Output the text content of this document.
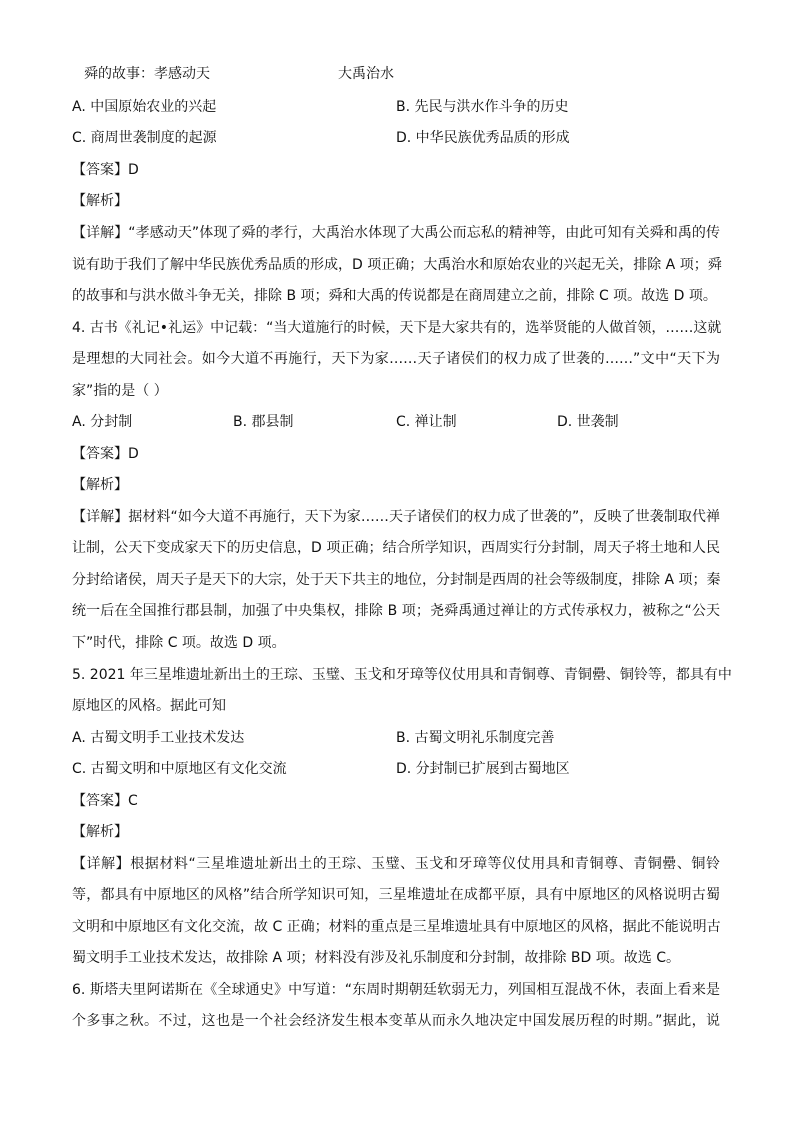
舜的故事：孝感动天	大禹治水
A. 中国原始农业的兴起	B. 先民与洪水作斗争的历史
C. 商周世袭制度的起源	D. 中华民族优秀品质的形成
【答案】D
【解析】
【详解】“孝感动天”体现了舜的孝行，大禹治水体现了大禹公而忘私的精神等，由此可知有关舜和禹的传
说有助于我们了解中华民族优秀品质的形成，D 项正确；大禹治水和原始农业的兴起无关，排除 A 项；舜
的故事和与洪水做斗争无关，排除 B 项；舜和大禹的传说都是在商周建立之前，排除 C 项。故选 D 项。
4. 古书《礼记•礼运》中记载：“当大道施行的时候，天下是大家共有的，选举贤能的人做首领，……这就
是理想的大同社会。如今大道不再施行，天下为家……天子诸侯们的权力成了世袭的……”文中“天下为
家”指的是（ ）
A. 分封制	B. 郡县制	C. 禅让制	D. 世袭制
【答案】D
【解析】
【详解】据材料“如今大道不再施行，天下为家……天子诸侯们的权力成了世袭的”，反映了世袭制取代禅
让制，公天下变成家天下的历史信息，D 项正确；结合所学知识，西周实行分封制，周天子将土地和人民
分封给诸侯，周天子是天下的大宗，处于天下共主的地位，分封制是西周的社会等级制度，排除 A 项；秦
统一后在全国推行郡县制，加强了中央集权，排除 B 项；尧舜禹通过禅让的方式传承权力，被称之“公天
下”时代，排除 C 项。故选 D 项。
5. 2021 年三星堆遗址新出土的王琮、玉璧、玉戈和牙璋等仪仗用具和青铜尊、青铜罍、铜铃等，都具有中
原地区的风格。据此可知
A. 古蜀文明手工业技术发达	B. 古蜀文明礼乐制度完善
C. 古蜀文明和中原地区有文化交流	D. 分封制已扩展到古蜀地区
【答案】C
【解析】
【详解】根据材料“三星堆遗址新出土的王琮、玉璧、玉戈和牙璋等仪仗用具和青铜尊、青铜罍、铜铃
等，都具有中原地区的风格”结合所学知识可知，三星堆遗址在成都平原，具有中原地区的风格说明古蜀
文明和中原地区有文化交流，故 C 正确；材料的重点是三星堆遗址具有中原地区的风格，据此不能说明古
蜀文明手工业技术发达，故排除 A 项；材料没有涉及礼乐制度和分封制，故排除 BD 项。故选 C。
6. 斯塔夫里阿诺斯在《全球通史》中写道：“东周时期朝廷软弱无力，列国相互混战不休，表面上看来是
个多事之秋。不过，这也是一个社会经济发生根本变革从而永久地决定中国发展历程的时期。”据此，说
